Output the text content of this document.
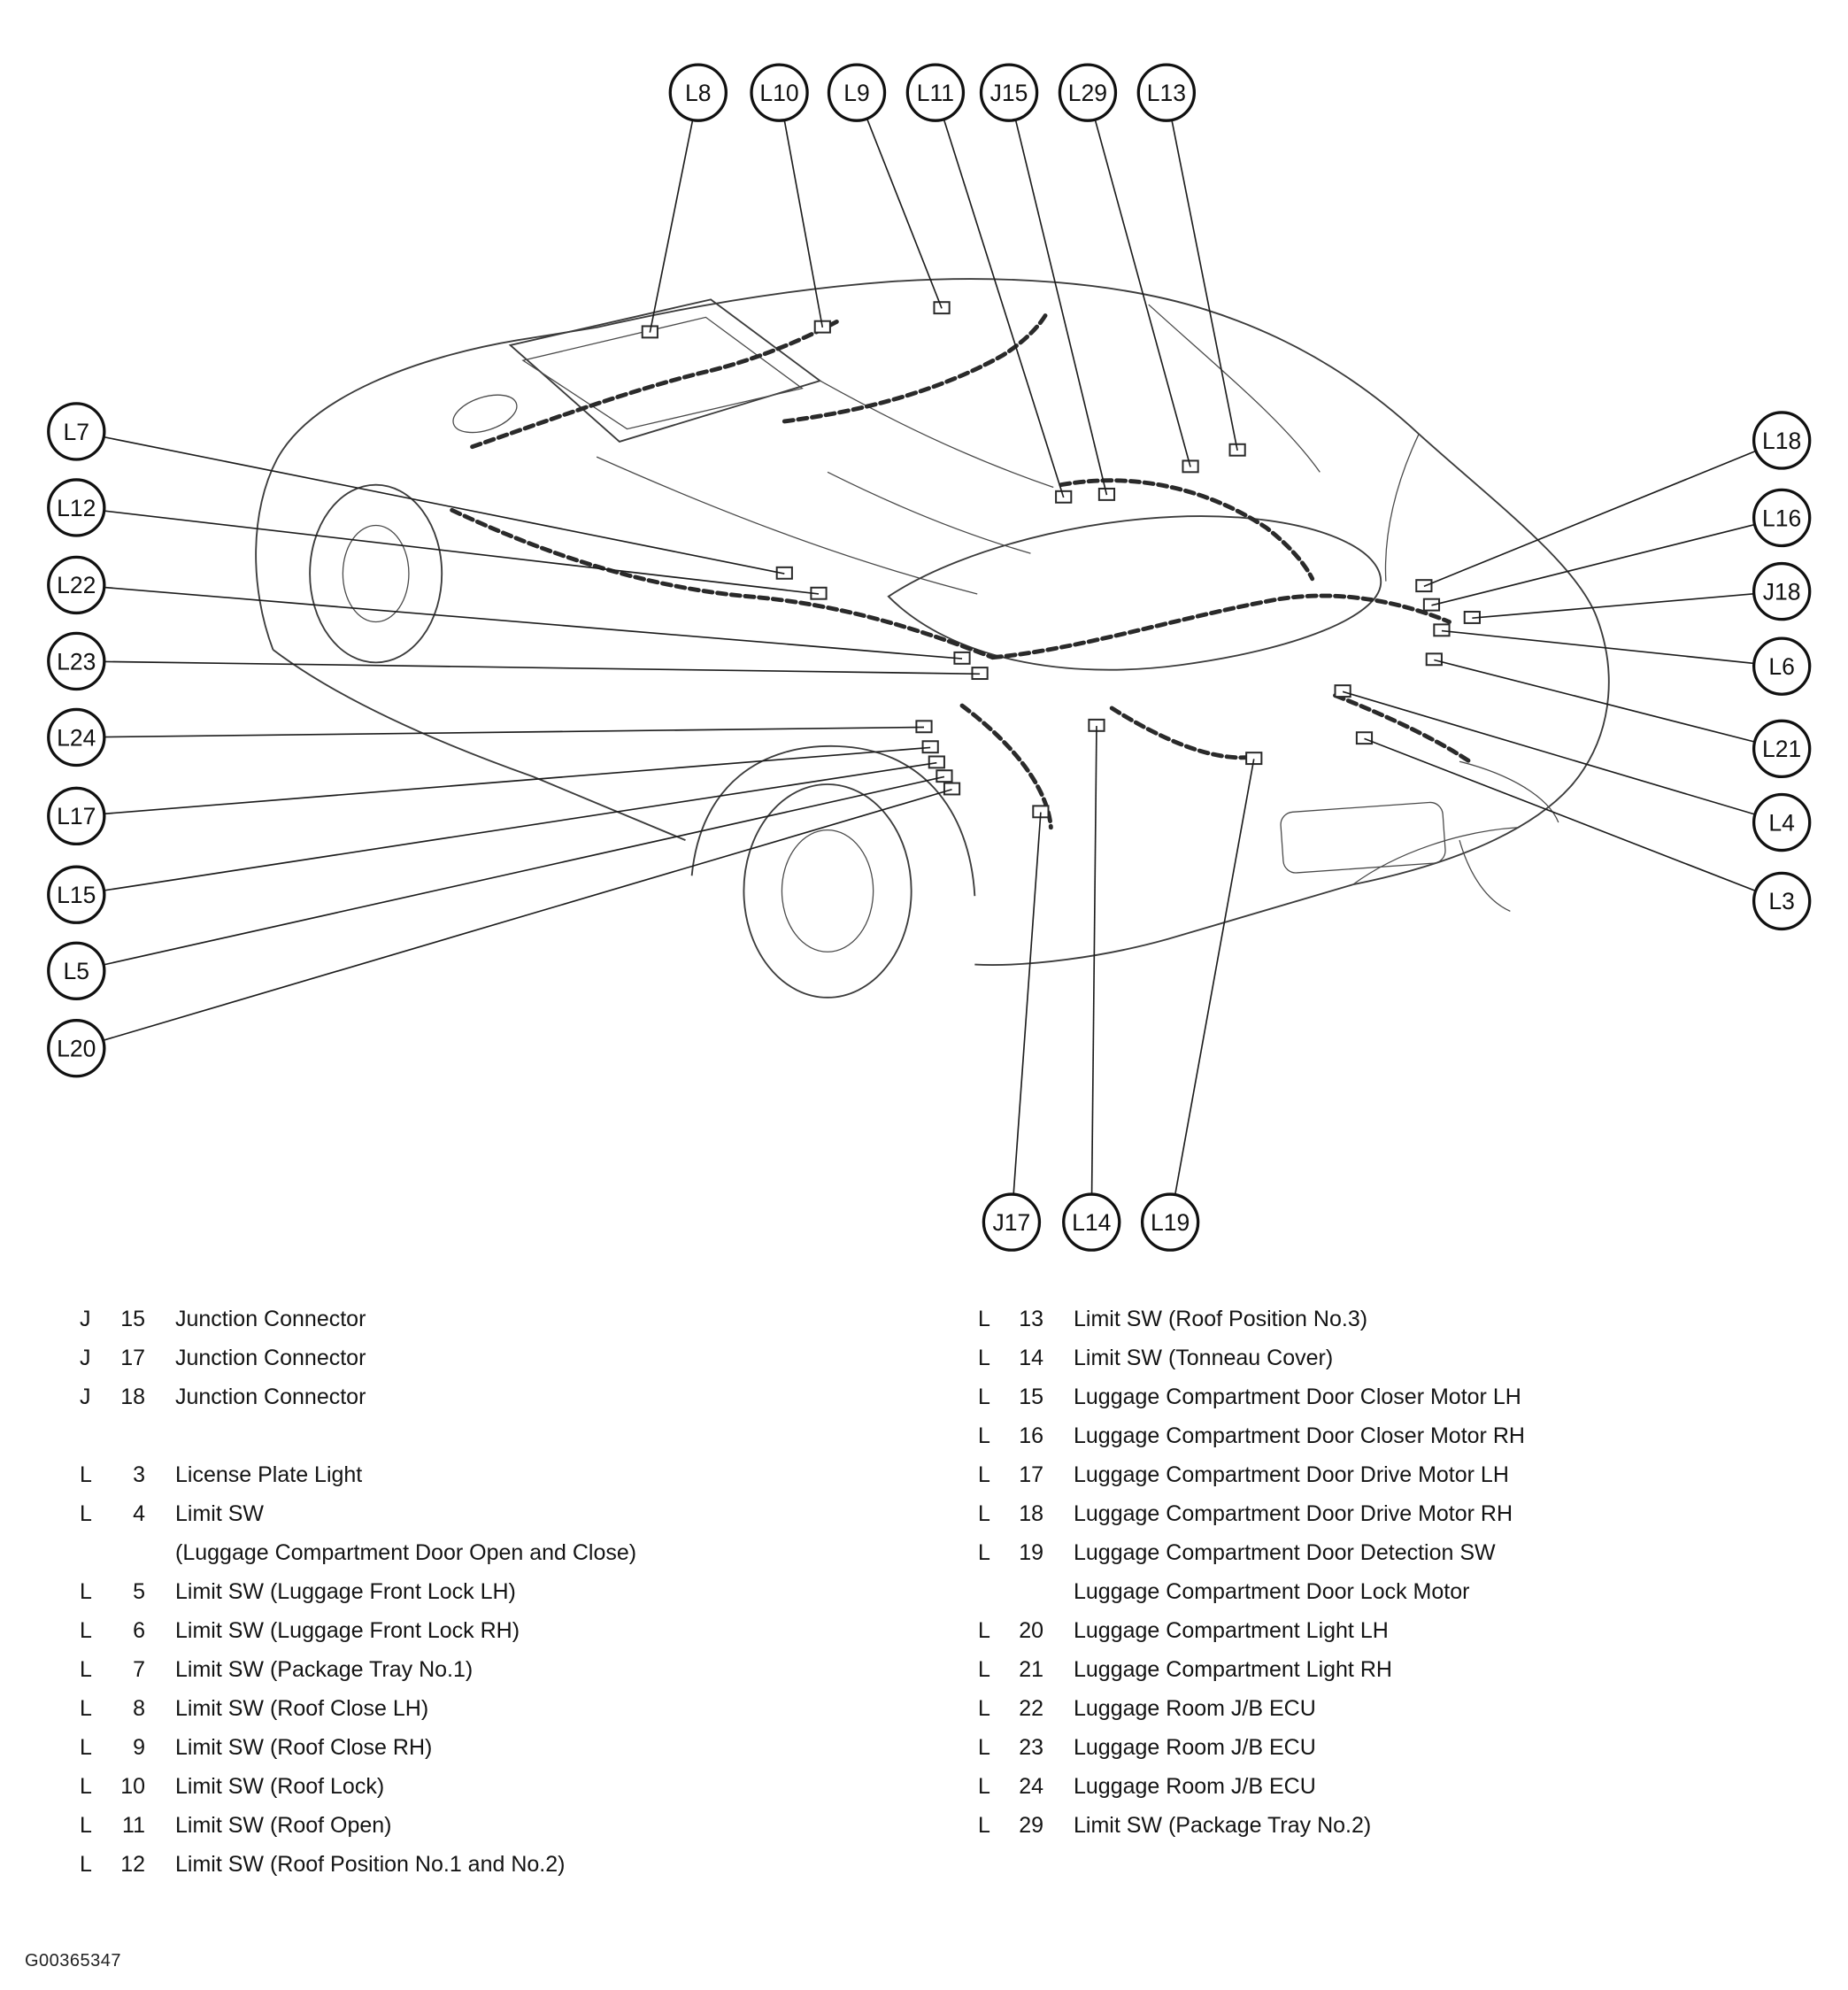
L8	L10	L9	L11 J15 L29 L13
L7
L12
L22
L23
L24
L17
L15
L5
L20
L18
L16
J18
L6
L21
L4
L3
J17	L14 L19
J 15 Junction Connector
J 17 Junction Connector
J 18 Junction Connector
L 3 License Plate Light
L 4 Limit SW
(Luggage Compartment Door Open and Close)
L 5 Limit SW (Luggage Front Lock LH)
L 6 Limit SW (Luggage Front Lock RH)
L 7 Limit SW (Package Tray No.1)
L 8 Limit SW (Roof Close LH)
L 9 Limit SW (Roof Close RH)
L 10 Limit SW (Roof Lock)
L 11 Limit SW (Roof Open)
L 12 Limit SW (Roof Position No.1 and No.2)
L 13 Limit SW (Roof Position No.3)
L 14 Limit SW (Tonneau Cover)
L 15 Luggage Compartment Door Closer Motor LH
L 16 Luggage Compartment Door Closer Motor RH
L 17 Luggage Compartment Door Drive Motor LH
L 18 Luggage Compartment Door Drive Motor RH
L 19 Luggage Compartment Door Detection SW
Luggage Compartment Door Lock Motor
L 20 Luggage Compartment Light LH
L 21 Luggage Compartment Light RH
L 22 Luggage Room J/B ECU
L 23 Luggage Room J/B ECU
L 24 Luggage Room J/B ECU
L 29 Limit SW (Package Tray No.2)
G00365347
